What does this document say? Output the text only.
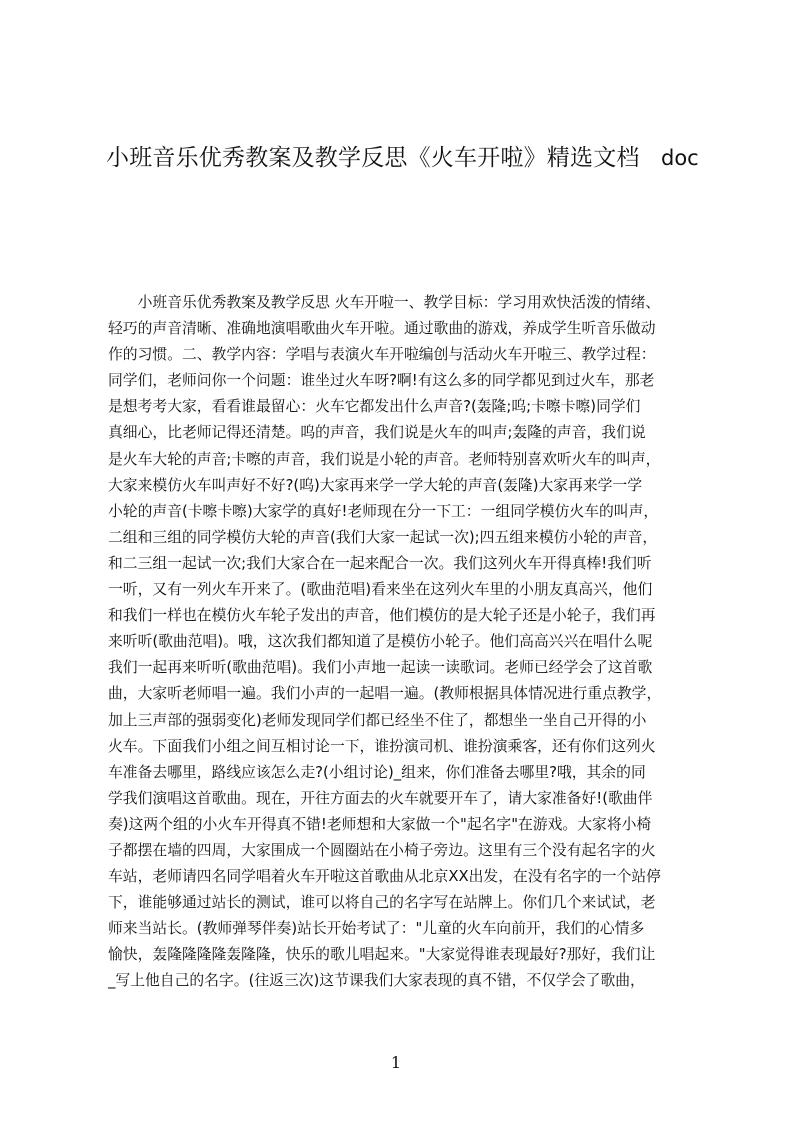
小班音乐优秀教案及教学反思《火车开啦》精选文档 doc
　　小班音乐优秀教案及教学反思 火车开啦一、教学目标：学习用欢快活泼的情绪、
轻巧的声音清晰、准确地演唱歌曲火车开啦。通过歌曲的游戏，养成学生听音乐做动
作的习惯。二、教学内容：学唱与表演火车开啦编创与活动火车开啦三、教学过程：
同学们，老师问你一个问题：谁坐过火车呀?啊!有这么多的同学都见到过火车，那老
是想考考大家，看看谁最留心：火车它都发出什么声音?(轰隆;呜;卡嚓卡嚓)同学们
真细心，比老师记得还清楚。呜的声音，我们说是火车的叫声;轰隆的声音，我们说
是火车大轮的声音;卡嚓的声音，我们说是小轮的声音。老师特别喜欢听火车的叫声，
大家来模仿火车叫声好不好?(呜)大家再来学一学大轮的声音(轰隆)大家再来学一学
小轮的声音(卡嚓卡嚓)大家学的真好!老师现在分一下工：一组同学模仿火车的叫声，
二组和三组的同学模仿大轮的声音(我们大家一起试一次);四五组来模仿小轮的声音，
和二三组一起试一次;我们大家合在一起来配合一次。我们这列火车开得真棒!我们听
一听，又有一列火车开来了。(歌曲范唱)看来坐在这列火车里的小朋友真高兴，他们
和我们一样也在模仿火车轮子发出的声音，他们模仿的是大轮子还是小轮子，我们再
来听听(歌曲范唱)。哦，这次我们都知道了是模仿小轮子。他们高高兴兴在唱什么呢
我们一起再来听听(歌曲范唱)。我们小声地一起读一读歌词。老师已经学会了这首歌
曲，大家听老师唱一遍。我们小声的一起唱一遍。(教师根据具体情况进行重点教学，
加上三声部的强弱变化)老师发现同学们都已经坐不住了，都想坐一坐自己开得的小
火车。下面我们小组之间互相讨论一下，谁扮演司机、谁扮演乘客，还有你们这列火
车准备去哪里，路线应该怎么走?(小组讨论)_组来，你们准备去哪里?哦，其余的同
学我们演唱这首歌曲。现在，开往方面去的火车就要开车了，请大家准备好!(歌曲伴
奏)这两个组的小火车开得真不错!老师想和大家做一个"起名字"在游戏。大家将小椅
子都摆在墙的四周，大家围成一个圆圈站在小椅子旁边。这里有三个没有起名字的火
车站，老师请四名同学唱着火车开啦这首歌曲从北京XX出发，在没有名字的一个站停
下，谁能够通过站长的测试，谁可以将自己的名字写在站牌上。你们几个来试试，老
师来当站长。(教师弹琴伴奏)站长开始考试了："儿童的火车向前开，我们的心情多
愉快，轰隆隆隆隆轰隆隆，快乐的歌儿唱起来。"大家觉得谁表现最好?那好，我们让
_写上他自己的名字。(往返三次)这节课我们大家表现的真不错，不仅学会了歌曲，
1
